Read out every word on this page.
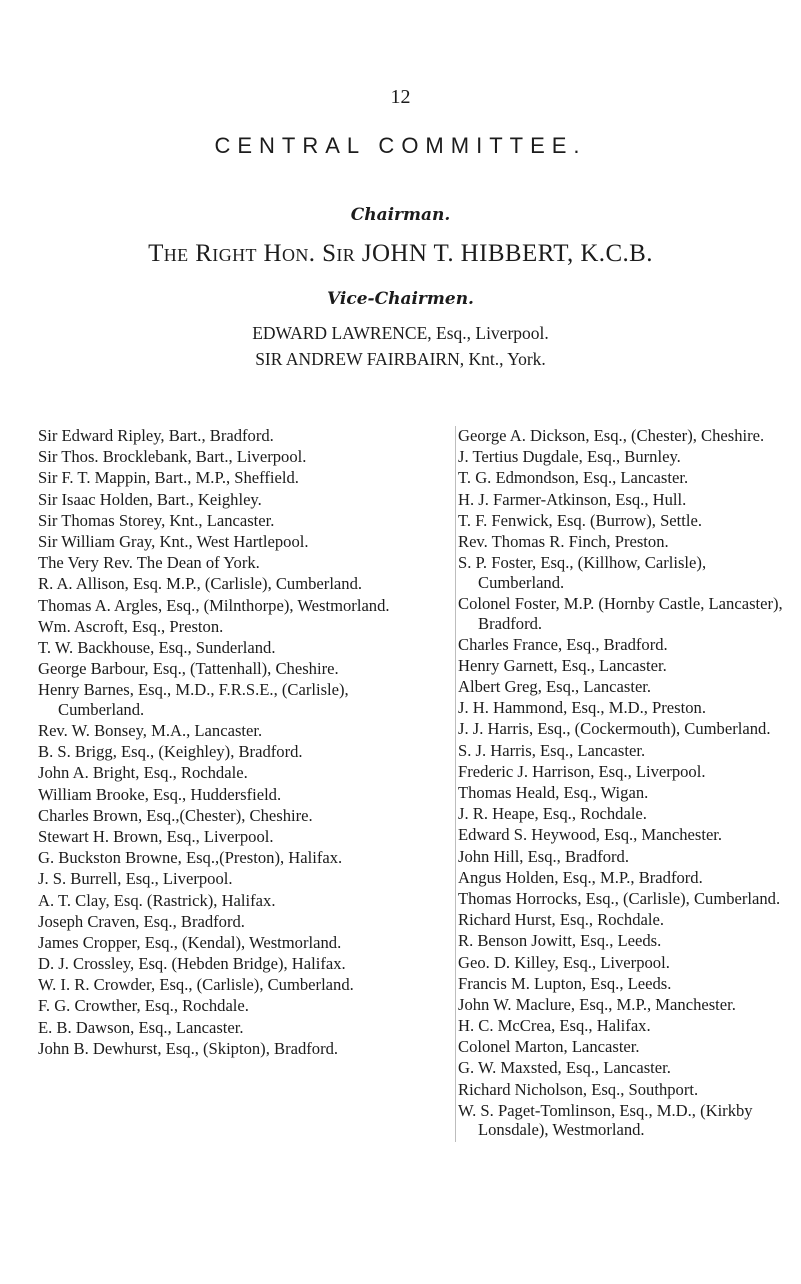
12
CENTRAL COMMITTEE.
Chairman.
The Right Hon. Sir JOHN T. HIBBERT, K.C.B.
Vice-Chairmen.
EDWARD LAWRENCE, Esq., Liverpool.
SIR ANDREW FAIRBAIRN, Knt., York.
Sir Edward Ripley, Bart., Bradford.
Sir Thos. Brocklebank, Bart., Liverpool.
Sir F. T. Mappin, Bart., M.P., Sheffield.
Sir Isaac Holden, Bart., Keighley.
Sir Thomas Storey, Knt., Lancaster.
Sir William Gray, Knt., West Hartlepool.
The Very Rev. The Dean of York.
R. A. Allison, Esq. M.P., (Carlisle), Cumberland.
Thomas A. Argles, Esq., (Milnthorpe), Westmorland.
Wm. Ascroft, Esq., Preston.
T. W. Backhouse, Esq., Sunderland.
George Barbour, Esq., (Tattenhall), Cheshire.
Henry Barnes, Esq., M.D., F.R.S.E., (Carlisle), Cumberland.
Rev. W. Bonsey, M.A., Lancaster.
B. S. Brigg, Esq., (Keighley), Bradford.
John A. Bright, Esq., Rochdale.
William Brooke, Esq., Huddersfield.
Charles Brown, Esq.,(Chester), Cheshire.
Stewart H. Brown, Esq., Liverpool.
G. Buckston Browne, Esq.,(Preston), Halifax.
J. S. Burrell, Esq., Liverpool.
A. T. Clay, Esq. (Rastrick), Halifax.
Joseph Craven, Esq., Bradford.
James Cropper, Esq., (Kendal), Westmorland.
D. J. Crossley, Esq. (Hebden Bridge), Halifax.
W. I. R. Crowder, Esq., (Carlisle), Cumberland.
F. G. Crowther, Esq., Rochdale.
E. B. Dawson, Esq., Lancaster.
John B. Dewhurst, Esq., (Skipton), Bradford.
George A. Dickson, Esq., (Chester), Cheshire.
J. Tertius Dugdale, Esq., Burnley.
T. G. Edmondson, Esq., Lancaster.
H. J. Farmer-Atkinson, Esq., Hull.
T. F. Fenwick, Esq. (Burrow), Settle.
Rev. Thomas R. Finch, Preston.
S. P. Foster, Esq., (Killhow, Carlisle), Cumberland.
Colonel Foster, M.P. (Hornby Castle, Lancaster), Bradford.
Charles France, Esq., Bradford.
Henry Garnett, Esq., Lancaster.
Albert Greg, Esq., Lancaster.
J. H. Hammond, Esq., M.D., Preston.
J. J. Harris, Esq., (Cockermouth), Cumberland.
S. J. Harris, Esq., Lancaster.
Frederic J. Harrison, Esq., Liverpool.
Thomas Heald, Esq., Wigan.
J. R. Heape, Esq., Rochdale.
Edward S. Heywood, Esq., Manchester.
John Hill, Esq., Bradford.
Angus Holden, Esq., M.P., Bradford.
Thomas Horrocks, Esq., (Carlisle), Cumberland.
Richard Hurst, Esq., Rochdale.
R. Benson Jowitt, Esq., Leeds.
Geo. D. Killey, Esq., Liverpool.
Francis M. Lupton, Esq., Leeds.
John W. Maclure, Esq., M.P., Manchester.
H. C. McCrea, Esq., Halifax.
Colonel Marton, Lancaster.
G. W. Maxsted, Esq., Lancaster.
Richard Nicholson, Esq., Southport.
W. S. Paget-Tomlinson, Esq., M.D., (Kirkby Lonsdale), Westmorland.
